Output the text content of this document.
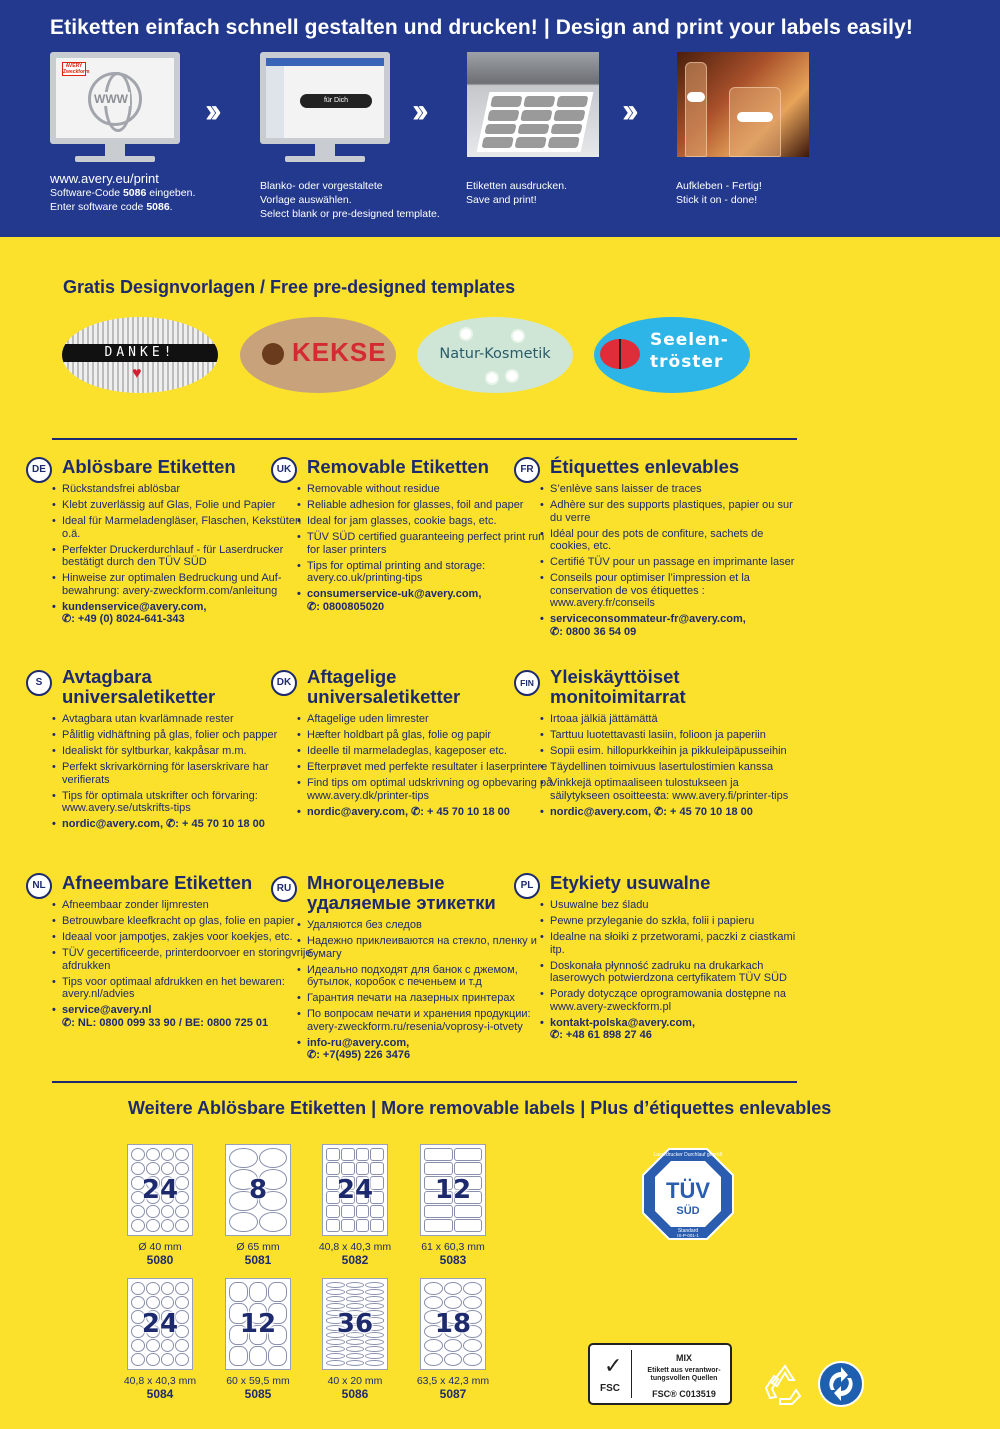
Etiketten einfach schnell gestalten und drucken! | Design and print your labels easily!
AVERY Zweckform
WWW ››	für Dich	››	››
www.avery.eu/print
Software-Code 5086 eingeben.
Enter software code 5086.
Blanko- oder vorgestaltete
Vorlage auswählen.
Select blank or pre-designed template.
Etiketten ausdrucken.
Save and print!
Aufkleben - Fertig!
Stick it on - done!
Gratis Designvorlagen / Free pre-designed templates
DANKE!
♥
KEKSE	Natur-Kosmetik
Seelen-
tröster
DE Ablösbare Etiketten
• Rückstandsfrei ablösbar
• Klebt zuverlässig auf Glas, Folie und Papier
• Ideal für Marmeladengläser, Flaschen, Kekstüten o.ä.
• Perfekter Druckerdurchlauf - für Laserdrucker bestätigt durch den TÜV SÜD
• Hinweise zur optimalen Bedruckung und Aufbewahrung: avery-zweckform.com/anleitung
• kundenservice@avery.com,
✆: +49 (0) 8024-641-343
UK Removable Etiketten
• Removable without residue
• Reliable adhesion for glasses, foil and paper
• Ideal for jam glasses, cookie bags, etc.
• TÜV SÜD certified guaranteeing perfect print run for laser printers
• Tips for optimal printing and storage: avery.co.uk/printing-tips
• consumerservice-uk@avery.com,
✆: 0800805020
FR Étiquettes enlevables
• S’enlève sans laisser de traces
• Adhère sur des supports plastiques, papier ou sur du verre
• Idéal pour des pots de confiture, sachets de cookies, etc.
• Certifié TÜV pour un passage en imprimante laser
• Conseils pour optimiser l’impression et la conservation de vos étiquettes : www.avery.fr/conseils
• serviceconsommateur-fr@avery.com,
✆: 0800 36 54 09
S	Avtagbara
universaletiketter
• Avtagbara utan kvarlämnade rester
• Pålitlig vidhäftning på glas, folier och papper
• Idealiskt för syltburkar, kakpåsar m.m.
• Perfekt skrivarkörning för laserskrivare har verifierats
• Tips för optimala utskrifter och förvaring: www.avery.se/utskrifts-tips
• nordic@avery.com, ✆: + 45 70 10 18 00
DK Aftagelige
universaletiketter
• Aftagelige uden limrester
• Hæfter holdbart på glas, folie og papir
• Ideelle til marmeladeglas, kageposer etc.
• Efterprøvet med perfekte resultater i laserprintere
• Find tips om optimal udskrivning og opbevaring på www.avery.dk/printer-tips
• nordic@avery.com, ✆: + 45 70 10 18 00
FIN Yleiskäyttöiset
monitoimitarrat
• Irtoaa jälkiä jättämättä
• Tarttuu luotettavasti lasiin, folioon ja paperiin
• Sopii esim. hillopurkkeihin ja pikkuleipäpusseihin
• Täydellinen toimivuus lasertulostimien kanssa
• Vinkkejä optimaaliseen tulostukseen ja säilytykseen osoitteesta: www.avery.fi/printer-tips
• nordic@avery.com, ✆: + 45 70 10 18 00
NL Afneembare Etiketten
• Afneembaar zonder lijmresten
• Betrouwbare kleefkracht op glas, folie en papier
• Ideaal voor jampotjes, zakjes voor koekjes, etc.
• TÜV gecertificeerde, printerdoorvoer en storingvrije afdrukken
• Tips voor optimaal afdrukken en het bewaren: avery.nl/advies
• service@avery.nl
✆: NL: 0800 099 33 90 / BE: 0800 725 01
RU Многоцелевые
удаляемые этикетки
• Удаляются без следов
• Надежно приклеиваются на стекло, пленку и бумагу
• Идеально подходят для банок с джемом, бутылок, коробок с печеньем и т.д
• Гарантия печати на лазерных принтерах
• По вопросам печати и хранения продукции: avery-zweckform.ru/resenia/voprosy-i-otvety
• info-ru@avery.com,
✆: +7(495) 226 3476
PL Etykiety usuwalne
• Usuwalne bez śladu
• Pewne przyleganie do szkła, folii i papieru
• Idealne na słoiki z przetworami, paczki z ciastkami itp.
• Doskonała płynność zadruku na drukarkach laserowych potwierdzona certyfikatem TÜV SÜD
• Porady dotyczące oprogramowania dostępne na www.avery-zweckform.pl
• kontakt-polska@avery.com,
✆: +48 61 898 27 46
Weitere Ablösbare Etiketten | More removable labels | Plus d’étiquettes enlevables
24
Ø 40 mm
5080
8
Ø 65 mm
5081
24
40,8 x 40,3 mm
5082
12
61 x 60,3 mm
5083
24
40,8 x 40,3 mm
5084
12
60 x 59,5 mm
5085
36
40 x 20 mm
5086
18
63,5 x 42,3 mm
5087
Laserdrucker Durchlauf geprüft
TÜV
SÜD
Standard
IS-P-001-1
✓
FSC
MIX
Etikett aus verantwor-
tungsvollen Quellen
FSC® C013519
